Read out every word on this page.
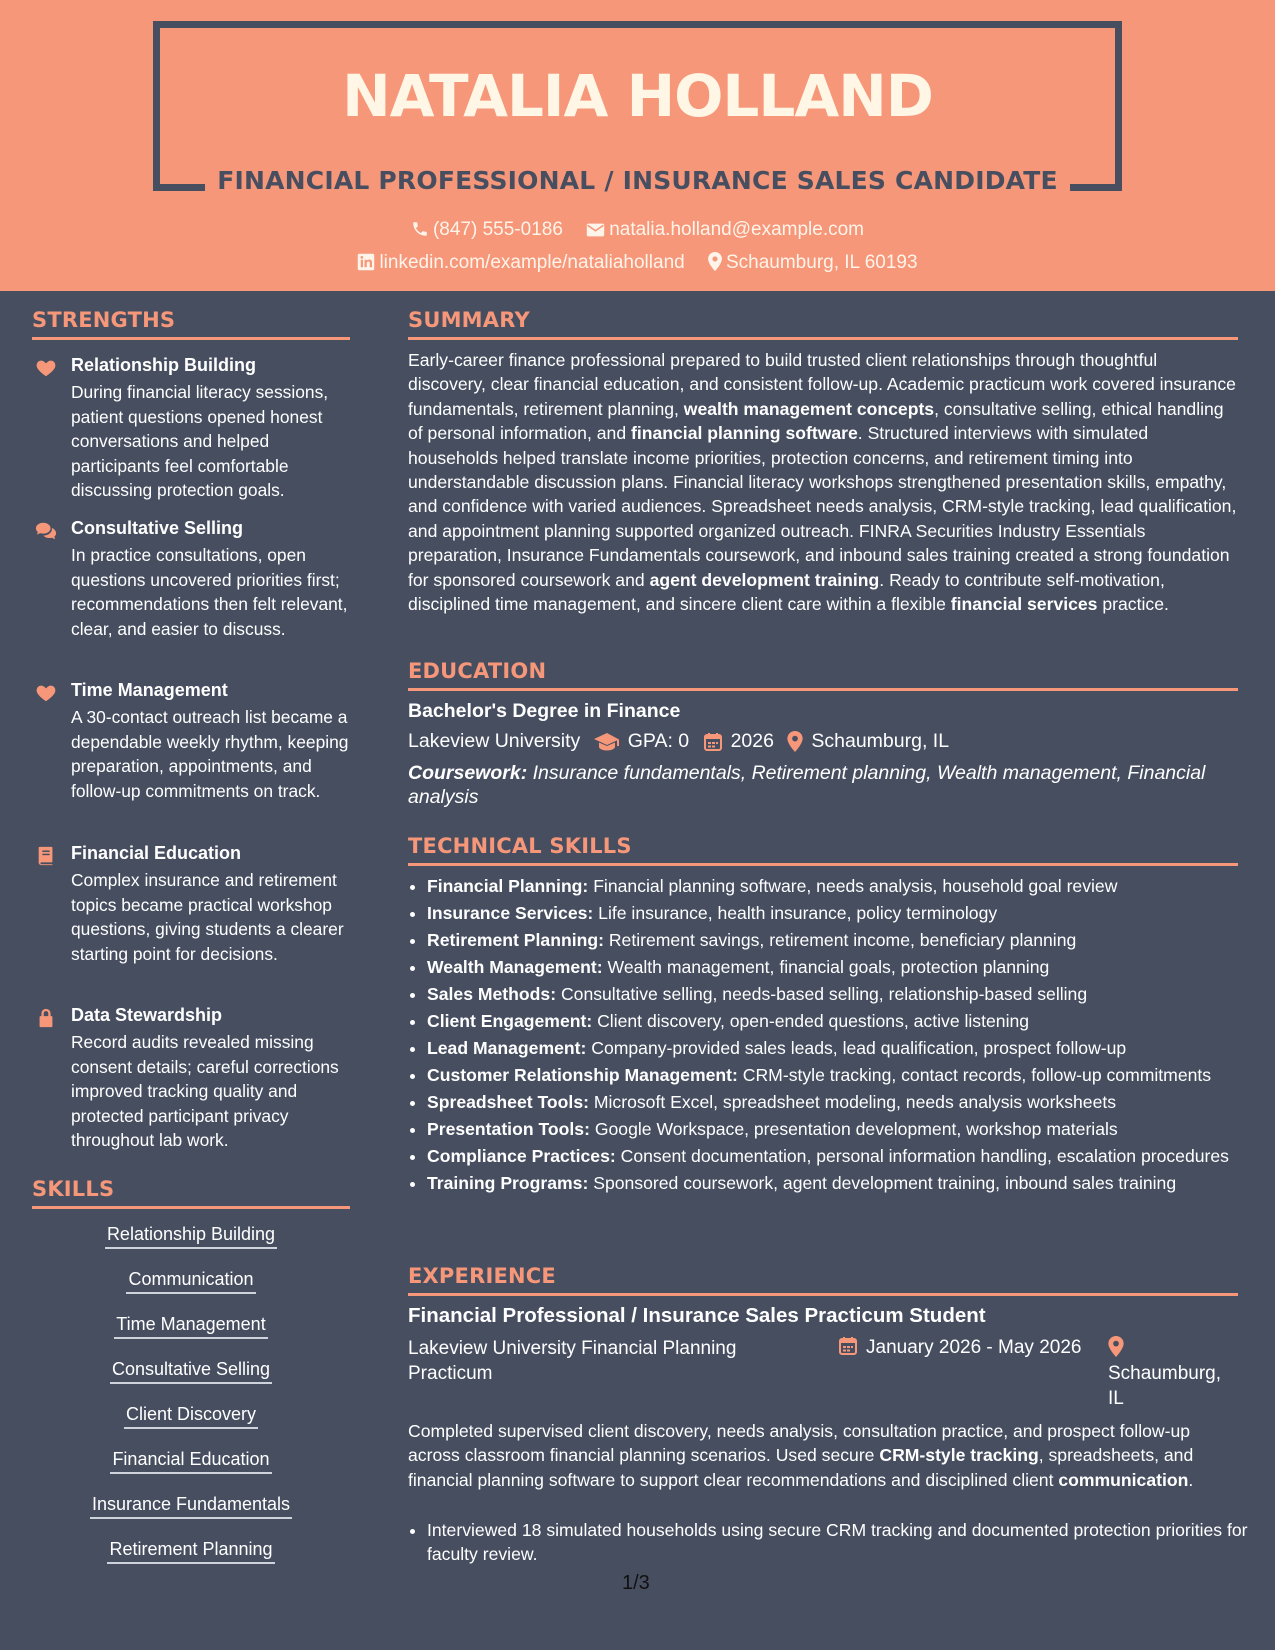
NATALIA HOLLAND
FINANCIAL PROFESSIONAL / INSURANCE SALES CANDIDATE
(847) 555-0186 natalia.holland@example.com
linkedin.com/example/nataliaholland Schaumburg, IL 60193
STRENGTHS
Relationship Building
During financial literacy sessions, patient questions opened honest conversations and helped participants feel comfortable discussing protection goals.
Consultative Selling
In practice consultations, open questions uncovered priorities first; recommendations then felt relevant, clear, and easier to discuss.
Time Management
A 30-contact outreach list became a dependable weekly rhythm, keeping preparation, appointments, and follow-up commitments on track.
Financial Education
Complex insurance and retirement topics became practical workshop questions, giving students a clearer starting point for decisions.
Data Stewardship
Record audits revealed missing consent details; careful corrections improved tracking quality and protected participant privacy throughout lab work.
SKILLS
Relationship Building
Communication
Time Management
Consultative Selling
Client Discovery
Financial Education
Insurance Fundamentals
Retirement Planning
SUMMARY
Early-career finance professional prepared to build trusted client relationships through thoughtful discovery, clear financial education, and consistent follow-up. Academic practicum work covered insurance fundamentals, retirement planning, wealth management concepts, consultative selling, ethical handling of personal information, and financial planning software. Structured interviews with simulated households helped translate income priorities, protection concerns, and retirement timing into understandable discussion plans. Financial literacy workshops strengthened presentation skills, empathy, and confidence with varied audiences. Spreadsheet needs analysis, CRM-style tracking, lead qualification, and appointment planning supported organized outreach. FINRA Securities Industry Essentials preparation, Insurance Fundamentals coursework, and inbound sales training created a strong foundation for sponsored coursework and agent development training. Ready to contribute self-motivation, disciplined time management, and sincere client care within a flexible financial services practice.
EDUCATION
Bachelor's Degree in Finance
Lakeview University GPA: 0 2026 Schaumburg, IL
Coursework: Insurance fundamentals, Retirement planning, Wealth management, Financial analysis
TECHNICAL SKILLS
• Financial Planning: Financial planning software, needs analysis, household goal review
• Insurance Services: Life insurance, health insurance, policy terminology
• Retirement Planning: Retirement savings, retirement income, beneficiary planning
• Wealth Management: Wealth management, financial goals, protection planning
• Sales Methods: Consultative selling, needs-based selling, relationship-based selling
• Client Engagement: Client discovery, open-ended questions, active listening
• Lead Management: Company-provided sales leads, lead qualification, prospect follow-up
• Customer Relationship Management: CRM-style tracking, contact records, follow-up commitments
• Spreadsheet Tools: Microsoft Excel, spreadsheet modeling, needs analysis worksheets
• Presentation Tools: Google Workspace, presentation development, workshop materials
• Compliance Practices: Consent documentation, personal information handling, escalation procedures
• Training Programs: Sponsored coursework, agent development training, inbound sales training
EXPERIENCE
Financial Professional / Insurance Sales Practicum Student
Lakeview University Financial Planning Practicum
January 2026 - May 2026
Schaumburg, IL
Completed supervised client discovery, needs analysis, consultation practice, and prospect follow-up across classroom financial planning scenarios. Used secure CRM-style tracking, spreadsheets, and financial planning software to support clear recommendations and disciplined client communication.
• Interviewed 18 simulated households using secure CRM tracking and documented protection priorities for faculty review.
1/3
